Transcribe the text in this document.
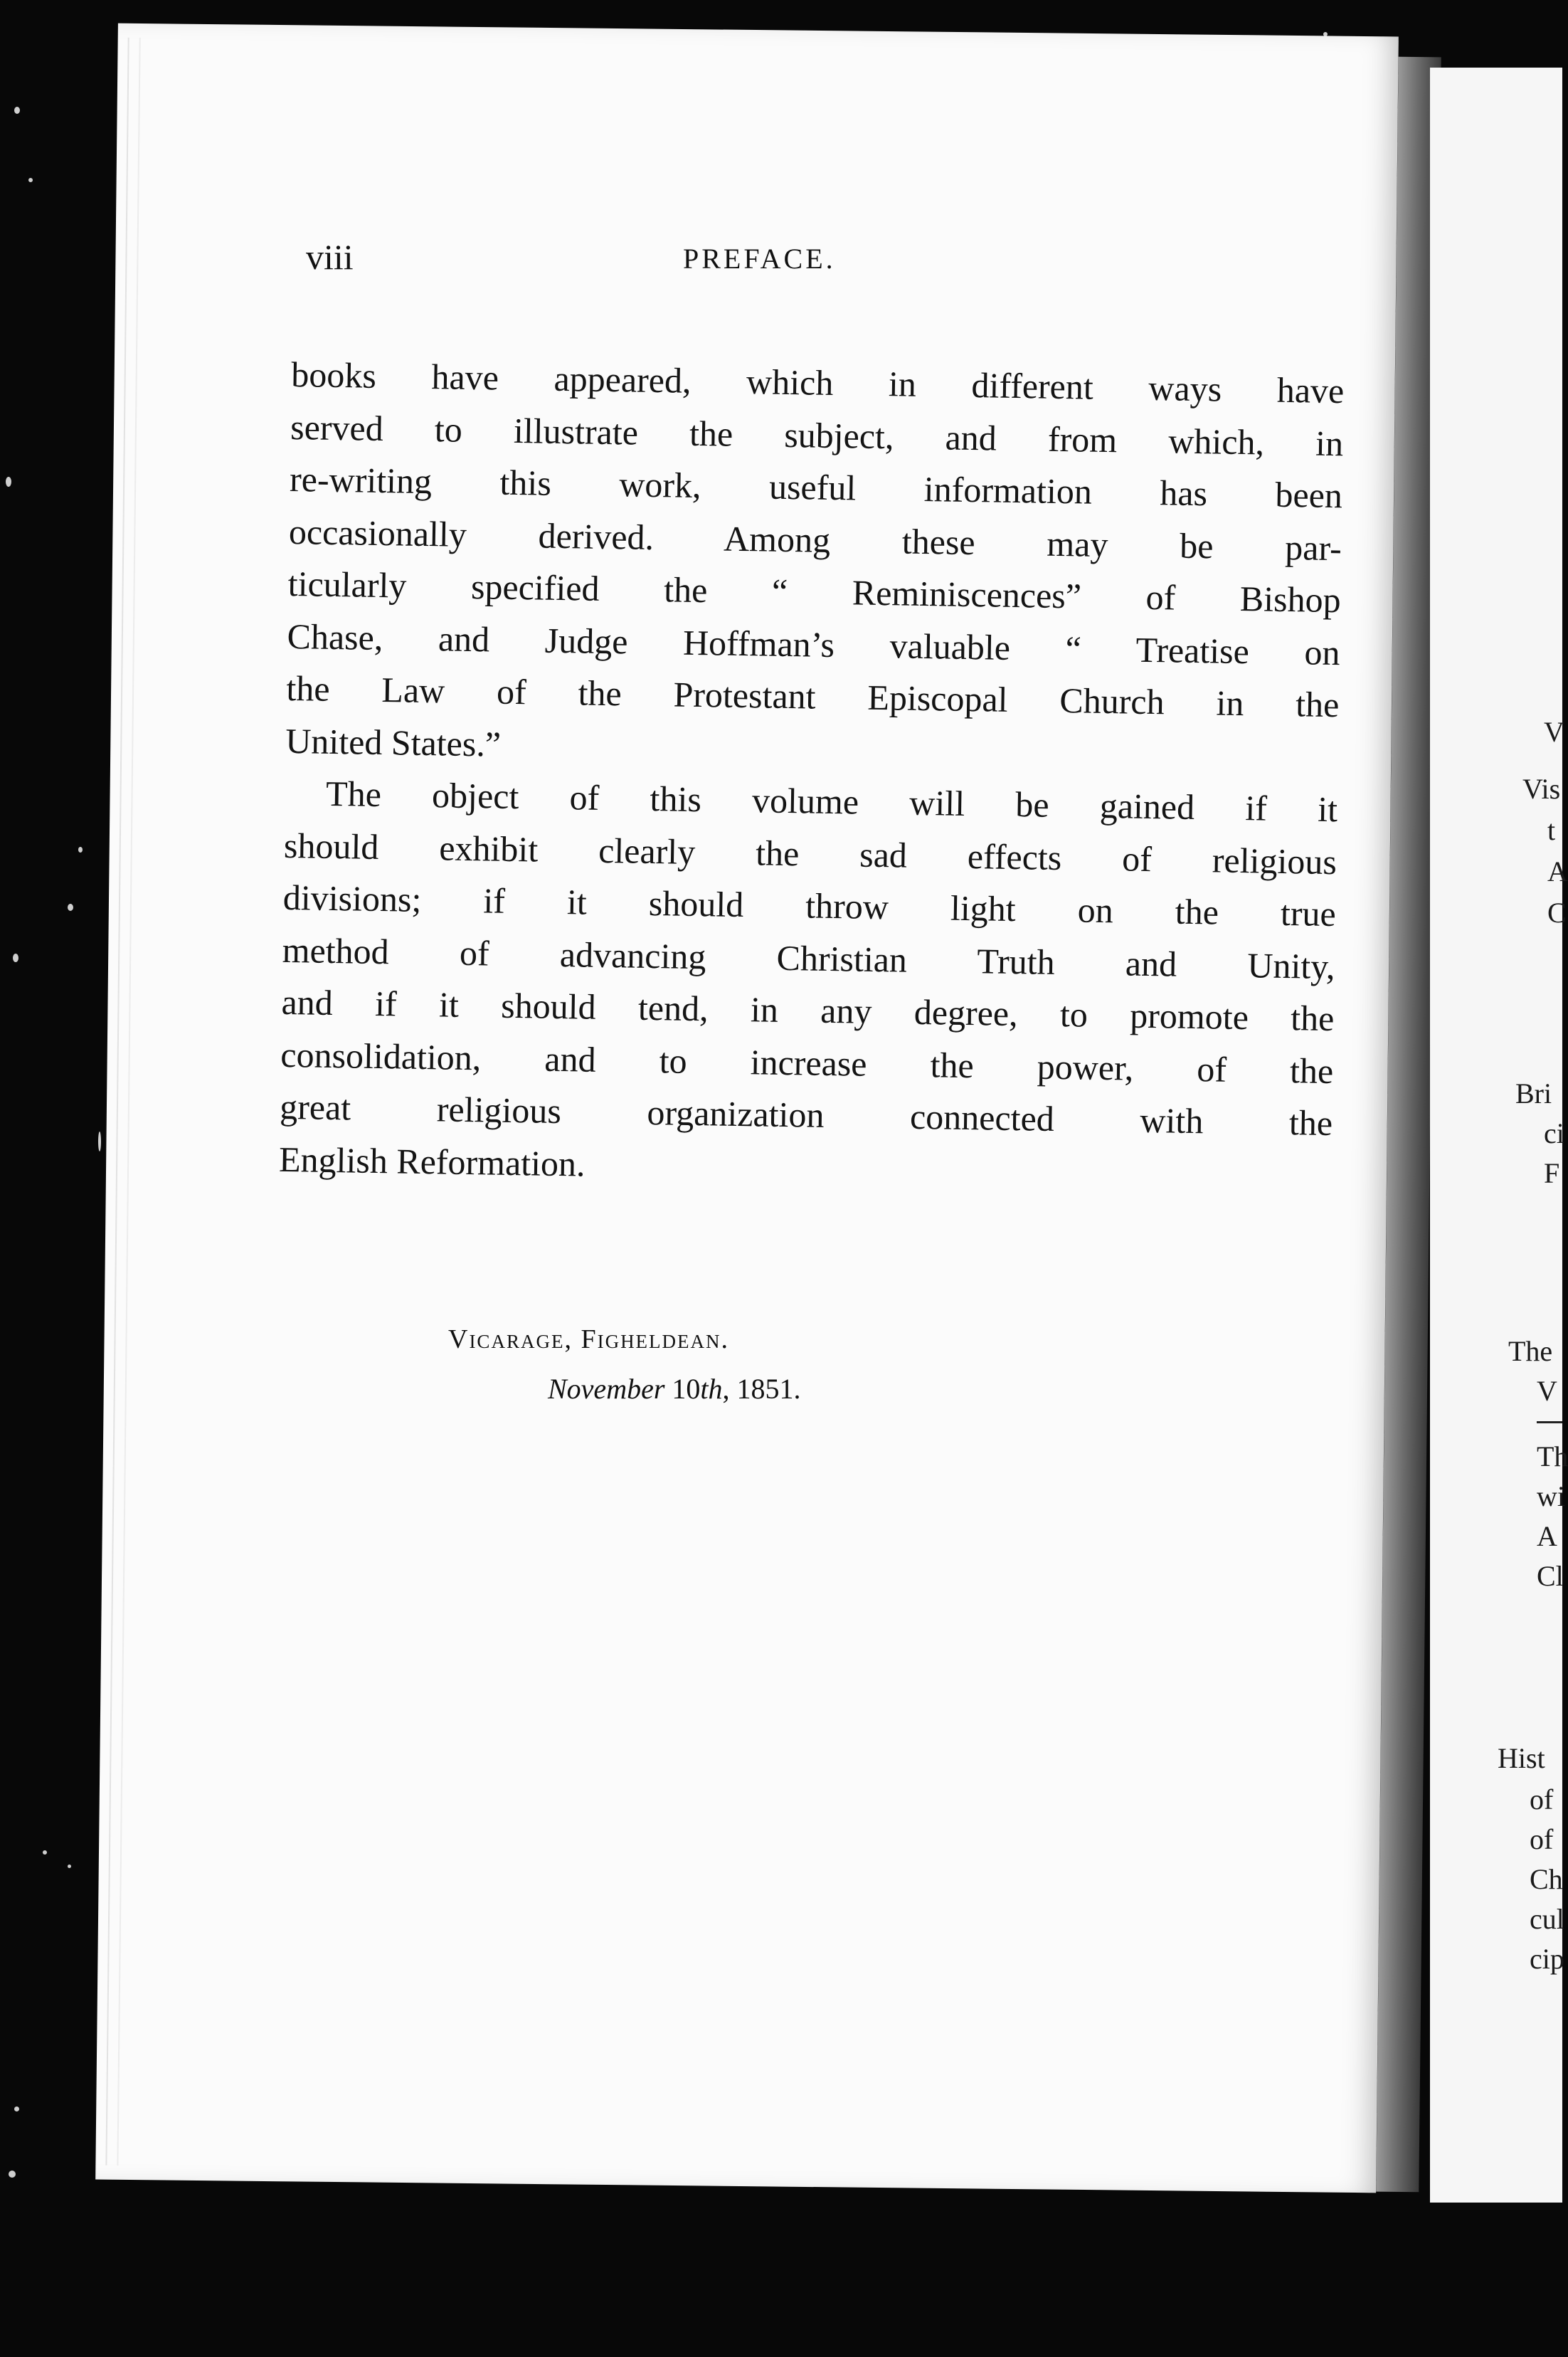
V
Vis
t
A
C
Bri
ci
F
The
V
Th
wi
A
Cl
Hist
of
of
Ch
cul
cip
viii	PREFACE.
books have appeared, which in different ways have
served to illustrate the subject, and from which, in
re-writing this work, useful information has been
occasionally derived. Among these may be par-
ticularly specified the “ Reminiscences” of Bishop
Chase, and Judge Hoffman’s valuable “ Treatise on
the Law of the Protestant Episcopal Church in the
United States.”
The object of this volume will be gained if it
should exhibit clearly the sad effects of religious
divisions; if it should throw light on the true
method of advancing Christian Truth and Unity,
and if it should tend, in any degree, to promote the
consolidation, and to increase the power, of the
great religious organization connected with the
English Reformation.
Vicarage, Figheldean.
November 10th, 1851.
